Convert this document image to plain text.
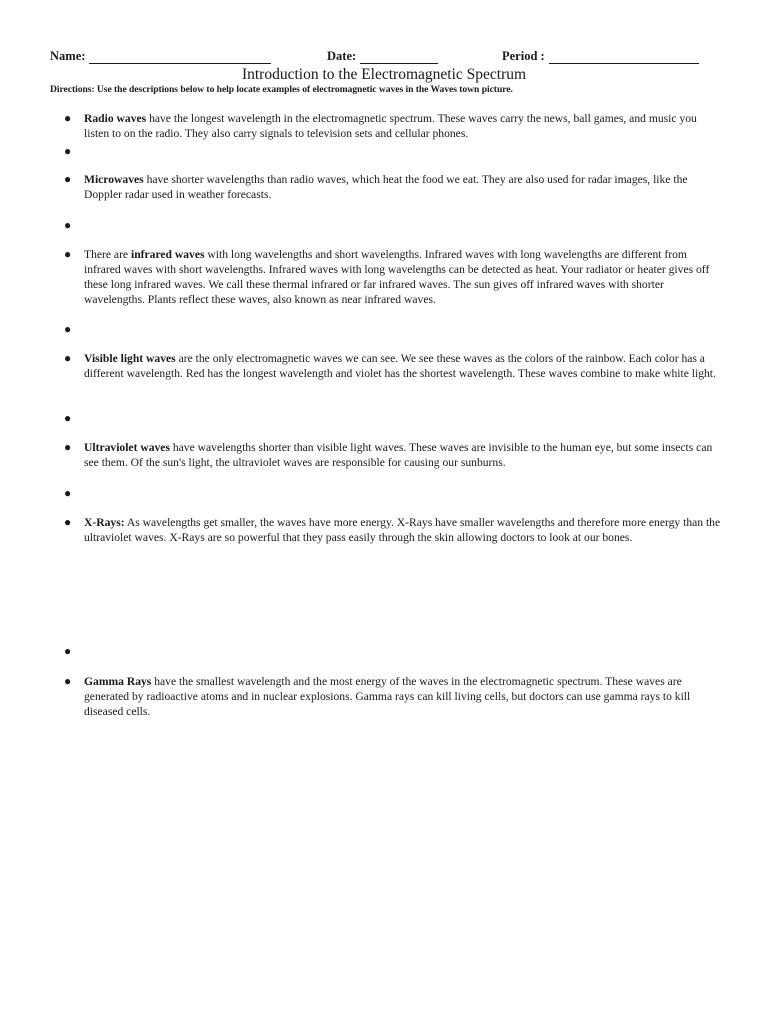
Name:	Date:	Period :
Introduction to the Electromagnetic Spectrum
Directions: Use the descriptions below to help locate examples of electromagnetic waves in the Waves town picture.
● Radio waves have the longest wavelength in the electromagnetic spectrum. These waves carry the news, ball games, and music you listen to on the radio. They also carry signals to television sets and cellular phones.
●
● Microwaves have shorter wavelengths than radio waves, which heat the food we eat. They are also used for radar images, like the Doppler radar used in weather forecasts.
●
● There are infrared waves with long wavelengths and short wavelengths. Infrared waves with long wavelengths are different from infrared waves with short wavelengths. Infrared waves with long wavelengths can be detected as heat. Your radiator or heater gives off these long infrared waves. We call these thermal infrared or far infrared waves. The sun gives off infrared waves with shorter wavelengths. Plants reflect these waves, also known as near infrared waves.
●
● Visible light waves are the only electromagnetic waves we can see. We see these waves as the colors of the rainbow. Each color has a different wavelength. Red has the longest wavelength and violet has the shortest wavelength. These waves combine to make white light.
●
● Ultraviolet waves have wavelengths shorter than visible light waves. These waves are invisible to the human eye, but some insects can see them. Of the sun's light, the ultraviolet waves are responsible for causing our sunburns.
●
● X-Rays: As wavelengths get smaller, the waves have more energy. X-Rays have smaller wavelengths and therefore more energy than the ultraviolet waves. X-Rays are so powerful that they pass easily through the skin allowing doctors to look at our bones.
●
● Gamma Rays have the smallest wavelength and the most energy of the waves in the electromagnetic spectrum. These waves are generated by radioactive atoms and in nuclear explosions. Gamma rays can kill living cells, but doctors can use gamma rays to kill diseased cells.
